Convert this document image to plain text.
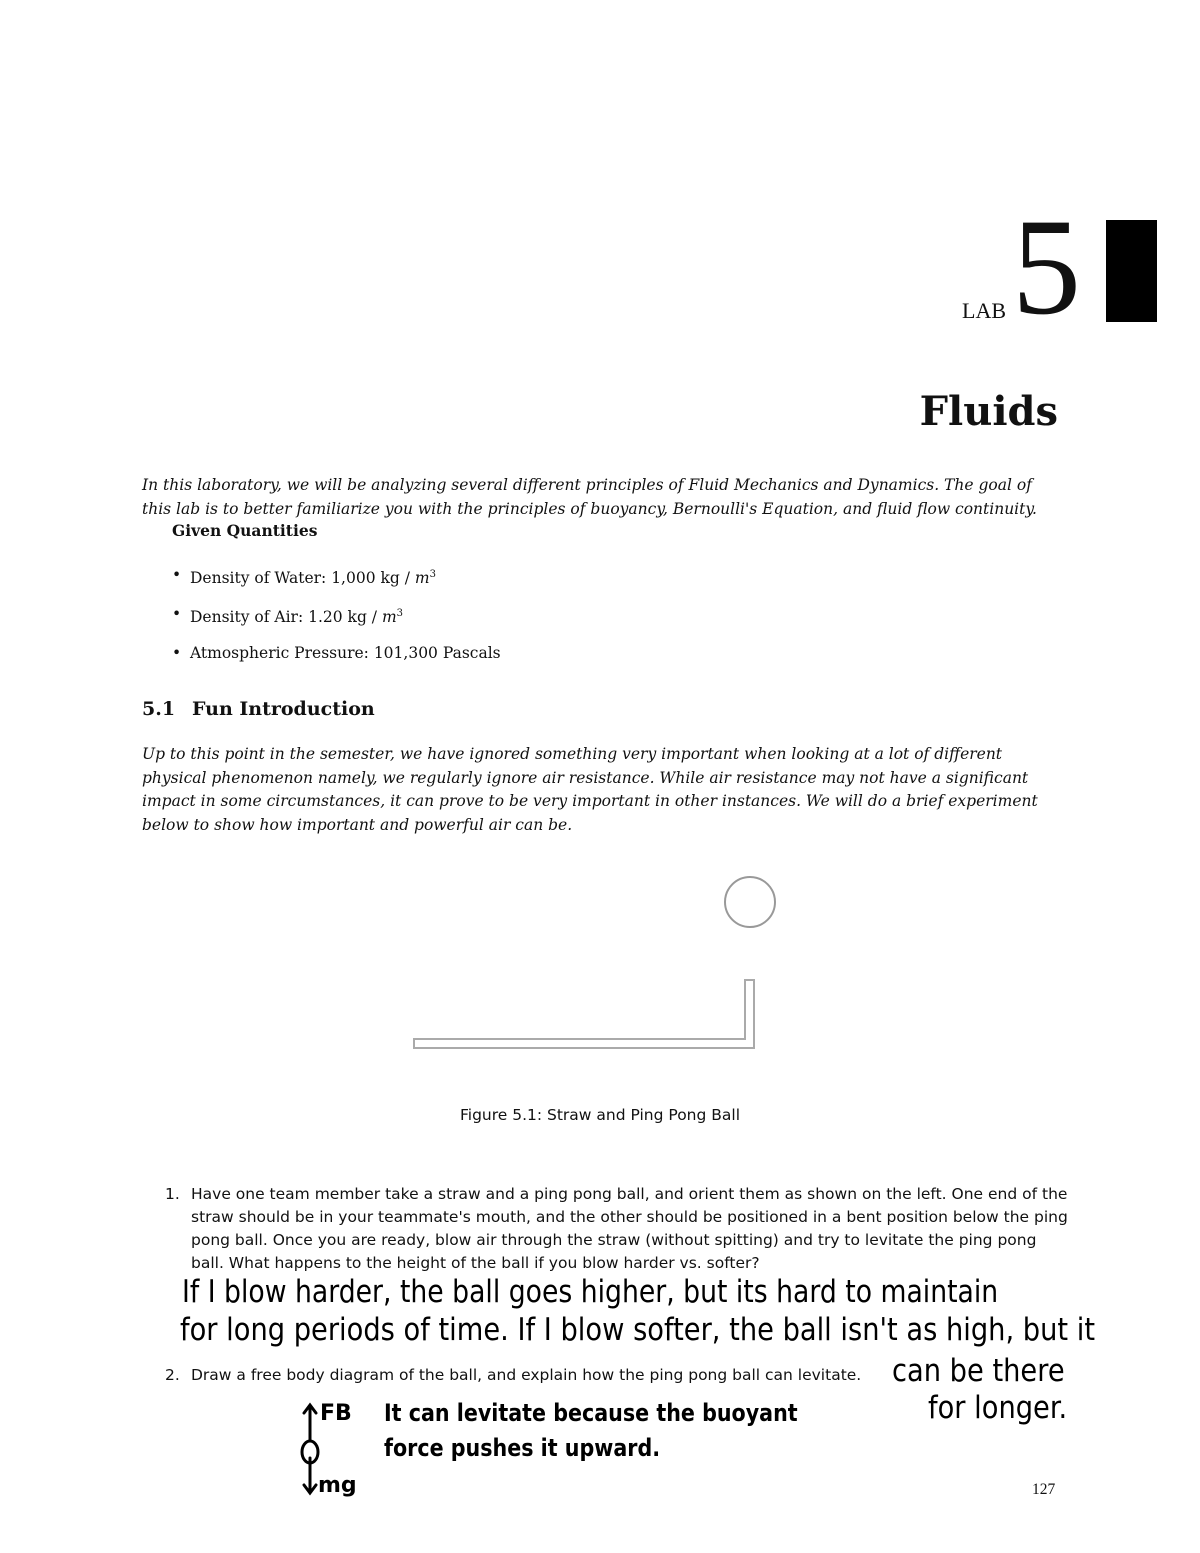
LAB 5
Fluids
In this laboratory, we will be analyzing several different principles of Fluid Mechanics and Dynamics. The goal of this lab is to better familiarize you with the principles of buoyancy, Bernoulli's Equation, and fluid flow continuity.
Given Quantities
• Density of Water: 1,000 kg / $m^3$
• Density of Air: 1.20 kg / $m^3$
• Atmospheric Pressure: 101,300 Pascals
5.1 Fun Introduction
Up to this point in the semester, we have ignored something very important when looking at a lot of different physical phenomenon namely, we regularly ignore air resistance. While air resistance may not have a significant impact in some circumstances, it can prove to be very important in other instances. We will do a brief experiment below to show how important and powerful air can be.
Figure 5.1: Straw and Ping Pong Ball
1. Have one team member take a straw and a ping pong ball, and orient them as shown on the left. One end of the straw should be in your teammate's mouth, and the other should be positioned in a bent position below the ping pong ball. Once you are ready, blow air through the straw (without spitting) and try to levitate the ping pong ball. What happens to the height of the ball if you blow harder vs. softer?
2. Draw a free body diagram of the ball, and explain how the ping pong ball can levitate.
If I blow harder, the ball goes higher, but its hard to maintain
for long periods of time. If I blow softer, the ball isn't as high, but it
can be there
for longer.
It can levitate because the buoyant
force pushes it upward.
FB
mg	127
